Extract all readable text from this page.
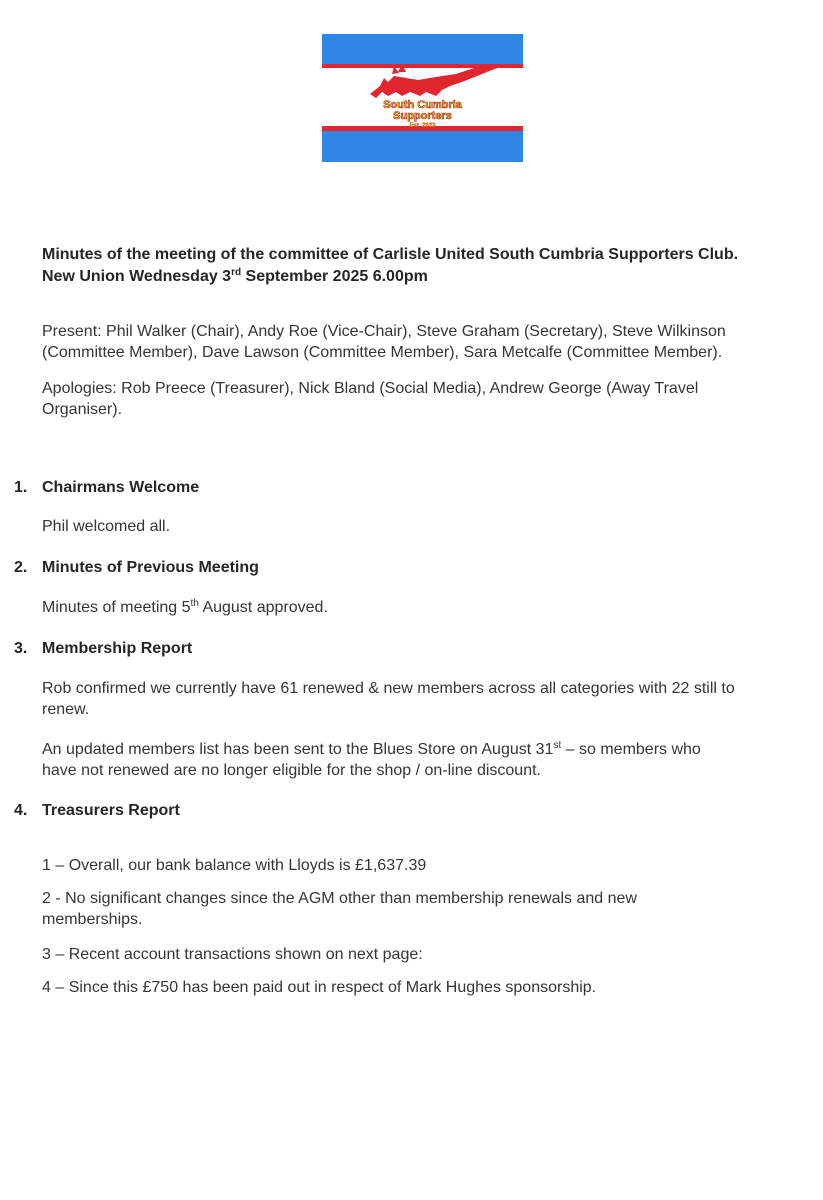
South Cumbria
Supporters
Est. 2023
Minutes of the meeting of the committee of Carlisle United South Cumbria Supporters Club.
New Union Wednesday 3rd September 2025 6.00pm
Present: Phil Walker (Chair), Andy Roe (Vice-Chair), Steve Graham (Secretary), Steve Wilkinson
(Committee Member), Dave Lawson (Committee Member), Sara Metcalfe (Committee Member).
Apologies: Rob Preece (Treasurer), Nick Bland (Social Media), Andrew George (Away Travel
Organiser).
1. Chairmans Welcome
Phil welcomed all.
2. Minutes of Previous Meeting
Minutes of meeting 5th August approved.
3. Membership Report
Rob confirmed we currently have 61 renewed & new members across all categories with 22 still to
renew.
An updated members list has been sent to the Blues Store on August 31st – so members who
have not renewed are no longer eligible for the shop / on-line discount.
4. Treasurers Report
1 – Overall, our bank balance with Lloyds is £1,637.39
2 - No significant changes since the AGM other than membership renewals and new
memberships.
3 – Recent account transactions shown on next page:
4 – Since this £750 has been paid out in respect of Mark Hughes sponsorship.
